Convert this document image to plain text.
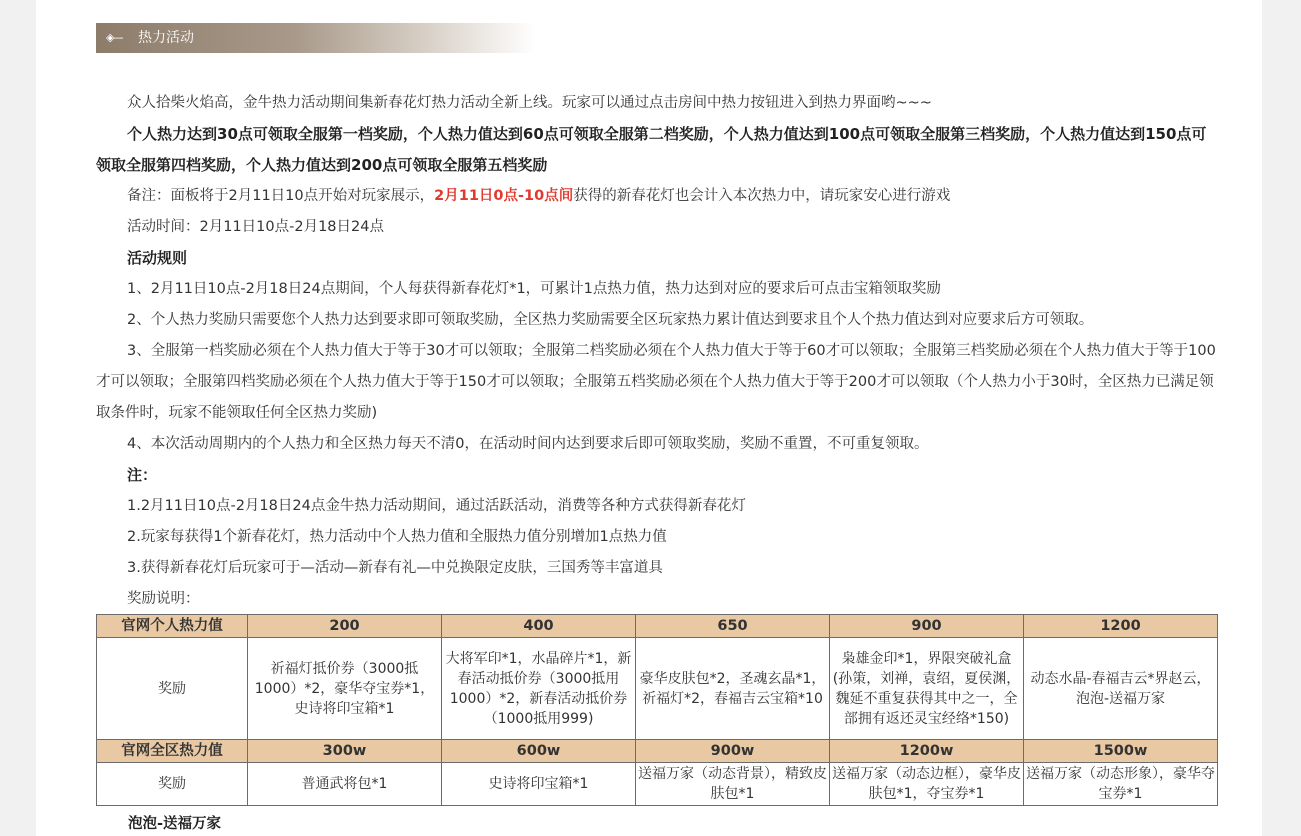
◈‒‐ 热力活动

众人拾柴火焰高，金牛热力活动期间集新春花灯热力活动全新上线。玩家可以通过点击房间中热力按钮进入到热力界面哟~~~

个人热力达到30点可领取全服第一档奖励，个人热力值达到60点可领取全服第二档奖励，个人热力值达到100点可领取全服第三档奖励，个人热力值达到150点可领取全服第四档奖励，个人热力值达到200点可领取全服第五档奖励

备注：面板将于2月11日10点开始对玩家展示，2月11日0点-10点间获得的新春花灯也会计入本次热力中，请玩家安心进行游戏

活动时间：2月11日10点-2月18日24点

活动规则

1、2月11日10点-2月18日24点期间，个人每获得新春花灯*1，可累计1点热力值，热力达到对应的要求后可点击宝箱领取奖励

2、个人热力奖励只需要您个人热力达到要求即可领取奖励，全区热力奖励需要全区玩家热力累计值达到要求且个人个热力值达到对应要求后方可领取。

3、全服第一档奖励必须在个人热力值大于等于30才可以领取；全服第二档奖励必须在个人热力值大于等于60才可以领取；全服第三档奖励必须在个人热力值大于等于100才可以领取；全服第四档奖励必须在个人热力值大于等于150才可以领取；全服第五档奖励必须在个人热力值大于等于200才可以领取（个人热力小于30时，全区热力已满足领取条件时，玩家不能领取任何全区热力奖励)

4、本次活动周期内的个人热力和全区热力每天不清0，在活动时间内达到要求后即可领取奖励，奖励不重置，不可重复领取。

注：

1.2月11日10点-2月18日24点金牛热力活动期间，通过活跃活动，消费等各种方式获得新春花灯

2.玩家每获得1个新春花灯，热力活动中个人热力值和全服热力值分别增加1点热力值

3.获得新春花灯后玩家可于—活动—新春有礼—中兑换限定皮肤，三国秀等丰富道具

奖励说明：

官网个人热力值	200	400	650	900	1200
奖励	祈福灯抵价券（3000抵1000）*2，豪华夺宝券*1，史诗将印宝箱*1	大将军印*1，水晶碎片*1，新春活动抵价券（3000抵用1000）*2，新春活动抵价券（1000抵用999)	豪华皮肤包*2，圣魂玄晶*1，祈福灯*2，春福吉云宝箱*10	枭雄金印*1，界限突破礼盒(孙策，刘禅，袁绍，夏侯渊，魏延不重复获得其中之一，全部拥有返还灵宝经络*150)	动态水晶-春福吉云*界赵云，泡泡-送福万家
官网全区热力值	300w	600w	900w	1200w	1500w
奖励	普通武将包*1	史诗将印宝箱*1	送福万家（动态背景），精致皮肤包*1	送福万家（动态边框），豪华皮肤包*1，夺宝券*1	送福万家（动态形象），豪华夺宝券*1
泡泡-送福万家
